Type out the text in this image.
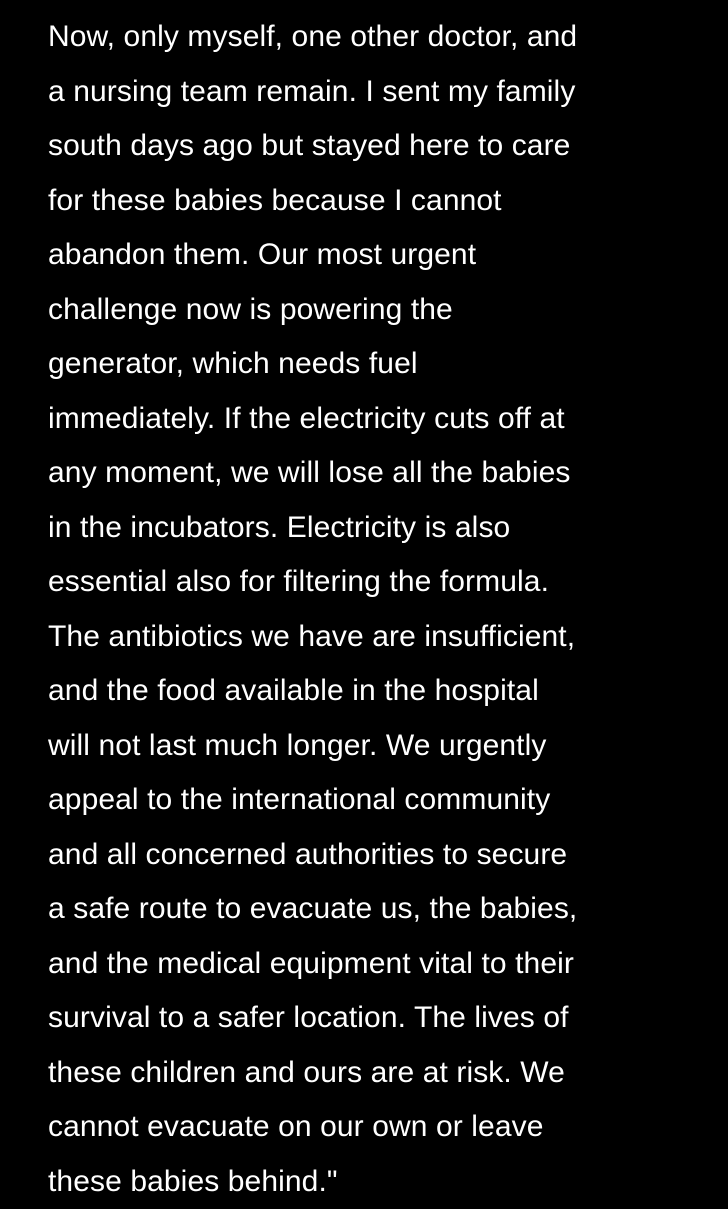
Now, only myself, one other doctor, and
a nursing team remain. I sent my family
south days ago but stayed here to care
for these babies because I cannot
abandon them. Our most urgent
challenge now is powering the
generator, which needs fuel
immediately. If the electricity cuts off at
any moment, we will lose all the babies
in the incubators. Electricity is also
essential also for filtering the formula.
The antibiotics we have are insufficient,
and the food available in the hospital
will not last much longer. We urgently
appeal to the international community
and all concerned authorities to secure
a safe route to evacuate us, the babies,
and the medical equipment vital to their
survival to a safer location. The lives of
these children and ours are at risk. We
cannot evacuate on our own or leave
these babies behind."
